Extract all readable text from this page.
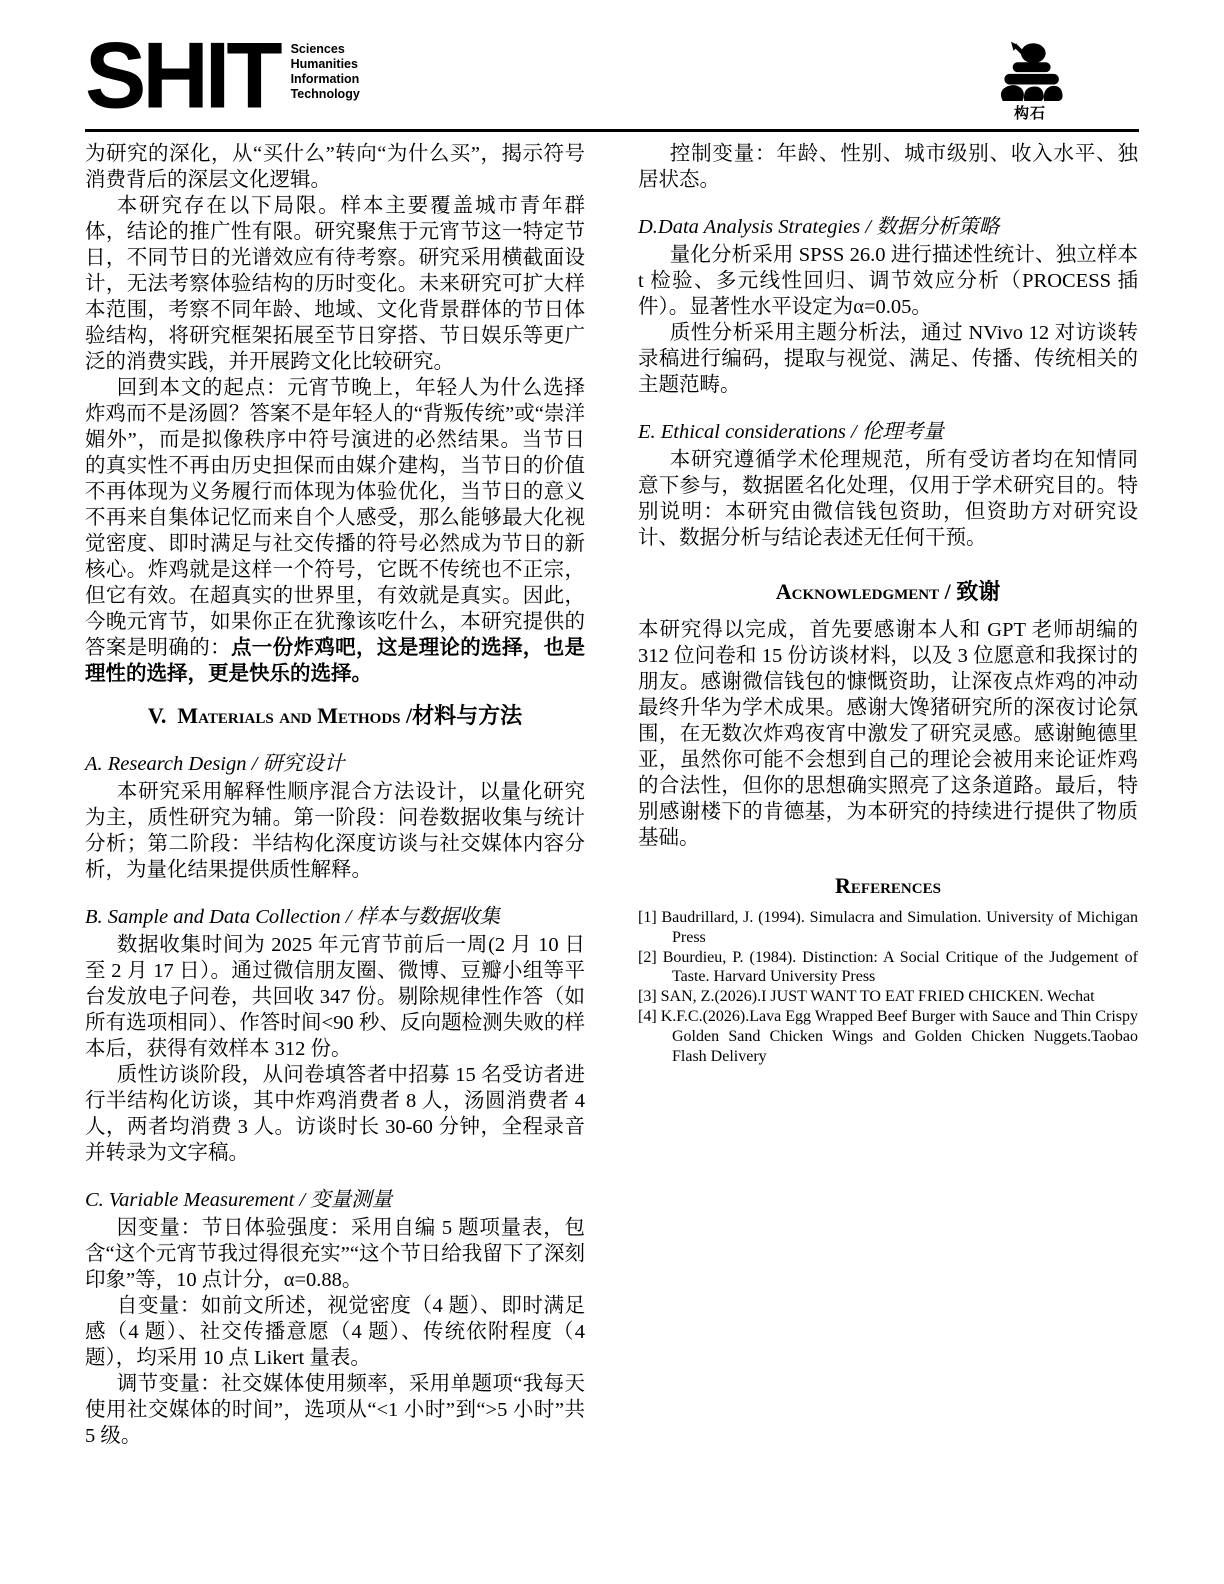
SHIT Sciences
Humanities
Information
Technology
构石

为研究的深化，从“买什么”转向“为什么买”，揭示符号消费背后的深层文化逻辑。

本研究存在以下局限。样本主要覆盖城市青年群体，结论的推广性有限。研究聚焦于元宵节这一特定节日，不同节日的光谱效应有待考察。研究采用横截面设计，无法考察体验结构的历时变化。未来研究可扩大样本范围，考察不同年龄、地域、文化背景群体的节日体验结构，将研究框架拓展至节日穿搭、节日娱乐等更广泛的消费实践，并开展跨文化比较研究。

回到本文的起点：元宵节晚上，年轻人为什么选择炸鸡而不是汤圆？答案不是年轻人的“背叛传统”或“崇洋媚外”，而是拟像秩序中符号演进的必然结果。当节日的真实性不再由历史担保而由媒介建构，当节日的价值不再体现为义务履行而体现为体验优化，当节日的意义不再来自集体记忆而来自个人感受，那么能够最大化视觉密度、即时满足与社交传播的符号必然成为节日的新核心。炸鸡就是这样一个符号，它既不传统也不正宗，但它有效。在超真实的世界里，有效就是真实。因此，今晚元宵节，如果你正在犹豫该吃什么，本研究提供的答案是明确的：点一份炸鸡吧，这是理论的选择，也是理性的选择，更是快乐的选择。

V.  Materials and Methods /材料与方法
A. Research Design / 研究设计

本研究采用解释性顺序混合方法设计，以量化研究为主，质性研究为辅。第一阶段：问卷数据收集与统计分析；第二阶段：半结构化深度访谈与社交媒体内容分析，为量化结果提供质性解释。

B. Sample and Data Collection / 样本与数据收集

数据收集时间为 2025 年元宵节前后一周(2 月 10 日至 2 月 17 日）。通过微信朋友圈、微博、豆瓣小组等平台发放电子问卷，共回收 347 份。剔除规律性作答（如所有选项相同）、作答时间<90 秒、反向题检测失败的样本后，获得有效样本 312 份。

质性访谈阶段，从问卷填答者中招募 15 名受访者进行半结构化访谈，其中炸鸡消费者 8 人，汤圆消费者 4 人，两者均消费 3 人。访谈时长 30-60 分钟，全程录音并转录为文字稿。

C. Variable Measurement / 变量测量

因变量：节日体验强度：采用自编 5 题项量表，包含“这个元宵节我过得很充实”“这个节日给我留下了深刻印象”等，10 点计分，α=0.88。

自变量：如前文所述，视觉密度（4 题）、即时满足感（4 题）、社交传播意愿（4 题）、传统依附程度（4 题），均采用 10 点 Likert 量表。

调节变量：社交媒体使用频率，采用单题项“我每天使用社交媒体的时间”，选项从“<1 小时”到“>5 小时”共 5 级。

控制变量：年龄、性别、城市级别、收入水平、独居状态。

D.Data Analysis Strategies / 数据分析策略

量化分析采用 SPSS 26.0 进行描述性统计、独立样本 t 检验、多元线性回归、调节效应分析（PROCESS 插件）。显著性水平设定为α=0.05。

质性分析采用主题分析法，通过 NVivo 12 对访谈转录稿进行编码，提取与视觉、满足、传播、传统相关的主题范畴。

E. Ethical considerations / 伦理考量

本研究遵循学术伦理规范，所有受访者均在知情同意下参与，数据匿名化处理，仅用于学术研究目的。特别说明：本研究由微信钱包资助，但资助方对研究设计、数据分析与结论表述无任何干预。

Acknowledgment / 致谢

本研究得以完成，首先要感谢本人和 GPT 老师胡编的 312 位问卷和 15 份访谈材料，以及 3 位愿意和我探讨的朋友。感谢微信钱包的慷慨资助，让深夜点炸鸡的冲动最终升华为学术成果。感谢大馋猪研究所的深夜讨论氛围，在无数次炸鸡夜宵中激发了研究灵感。感谢鲍德里亚，虽然你可能不会想到自己的理论会被用来论证炸鸡的合法性，但你的思想确实照亮了这条道路。最后，特别感谢楼下的肯德基，为本研究的持续进行提供了物质基础。

References

[1] Baudrillard, J. (1994). Simulacra and Simulation. University of Michigan Press

[2] Bourdieu, P. (1984). Distinction: A Social Critique of the Judgement of Taste. Harvard University Press

[3] SAN, Z.(2026).I JUST WANT TO EAT FRIED CHICKEN. Wechat

[4] K.F.C.(2026).Lava Egg Wrapped Beef Burger with Sauce and Thin Crispy Golden Sand Chicken Wings and Golden Chicken Nuggets.Taobao Flash Delivery
